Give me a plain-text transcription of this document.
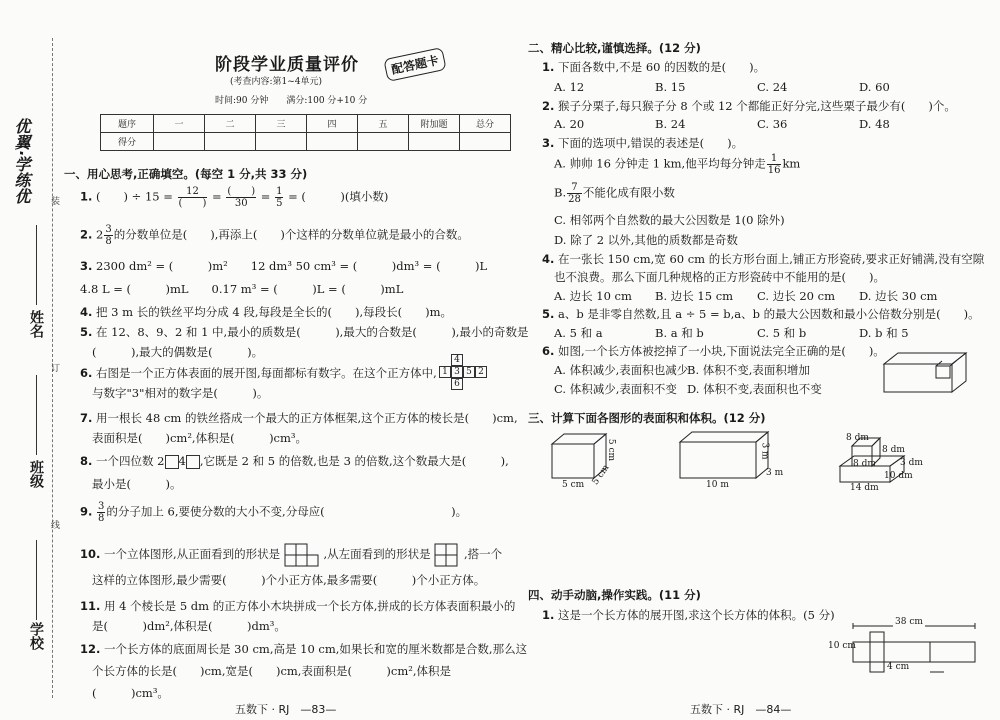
优翼·学练优 装
订
线
姓名
班级
学校
阶段学业质量评价
(考查内容:第1~4单元)
配答题卡
时间:90 分钟　　满分:100 分+10 分
题序	一	二	三	四	五	附加题	总分
得分							
一、用心思考,正确填空。(每空 1 分,共 33 分)
1. (　　) ÷ $15 = \frac{12}{( )} = \frac{( )}{30} = \frac{1}{5}$ = (　　　)(填小数)
2. $2 \frac{3}{8}$ 的分数单位是(　　),再添上(　　)个这样的分数单位就是最小的合数。
3. 2300 dm² = (　　　)m²　　12 dm³ 50 cm³ = (　　　)dm³ = (　　　)L
4.8 L = (　　　)mL　　0.17 m³ = (　　　)L = (　　　)mL
4. 把 3 m 长的铁丝平均分成 4 段,每段是全长的(　　),每段长(　　)m。
5. 在 12、8、9、2 和 1 中,最小的质数是(　　　),最大的合数是(　　　),最小的奇数是
(　　　),最大的偶数是(　　　)。
6. 右图是一个正方体表面的展开图,每面都标有数字。在这个正方体中,
与数字"3"相对的数字是(　　　)。
4
1 3 5 2
6
7. 用一根长 48 cm 的铁丝搭成一个最大的正方体框架,这个正方体的棱长是(　　)cm,
表面积是(　　)cm²,体积是(　　　)cm³。
8. 一个四位数 2 4 ,它既是 2 和 5 的倍数,也是 3 的倍数,这个数最大是(　　　),
最小是(　　　)。
9. $\frac{3}{8}$ 的分子加上 6,要使分数的大小不变,分母应(　　　　　　　　　　　)。
10. 一个立体图形,从正面看到的形状是	,从左面看到的形状是	,搭一个
这样的立体图形,最少需要(　　　)个小正方体,最多需要(　　　)个小正方体。
11. 用 4 个棱长是 5 dm 的正方体小木块拼成一个长方体,拼成的长方体表面积最小的
是(　　　)dm²,体积是(　　　)dm³。
12. 一个长方体的底面周长是 30 cm,高是 10 cm,如果长和宽的厘米数都是合数,那么这
个长方体的长是(　　)cm,宽是(　　)cm,表面积是(　　　)cm²,体积是
(　　　)cm³。
五数下 · RJ　—83—
二、精心比较,谨慎选择。(12 分)
1. 下面各数中,不是 60 的因数的是(　　)。
A. 12	B. 15	C. 24	D. 60
2. 猴子分栗子,每只猴子分 8 个或 12 个都能正好分完,这些栗子最少有(　　)个。
A. 20	B. 24	C. 36	D. 48
3. 下面的选项中,错误的表述是(　　)。
A. 帅帅 16 分钟走 1 km,他平均每分钟走 $\frac{1}{16}$ km
B. $\frac{7}{28}$ 不能化成有限小数
C. 相邻两个自然数的最大公因数是 1(0 除外)
D. 除了 2 以外,其他的质数都是奇数
4. 在一张长 150 cm,宽 60 cm 的长方形台面上,铺正方形瓷砖,要求正好铺满,没有空隙
也不浪费。那么下面几种规格的正方形瓷砖中不能用的是(　　)。
A. 边长 10 cm B. 边长 15 cm C. 边长 20 cm D. 边长 30 cm
5. a、b 是非零自然数,且 a ÷ 5 = b,a、b 的最大公因数和最小公倍数分别是(　　)。
A. 5 和 a	B. a 和 b	C. 5 和 b	D. b 和 5
6. 如图,一个长方体被挖掉了一小块,下面说法完全正确的是(　　)。
A. 体积减少,表面积也减少
B. 体积不变,表面积增加
C. 体积减少,表面积不变 D. 体积不变,表面积也不变
三、计算下面各图形的表面积和体积。(12 分)
5 cm 5 cm
5 cm
10 m
3 m
3 m
8 dm
8 dm
8 dm	3 dm
10 dm
14 dm
四、动手动脑,操作实践。(11 分)
1. 这是一个长方体的展开图,求这个长方体的体积。(5 分)	38 cm
10 cm
4 cm
五数下 · RJ　—84—
